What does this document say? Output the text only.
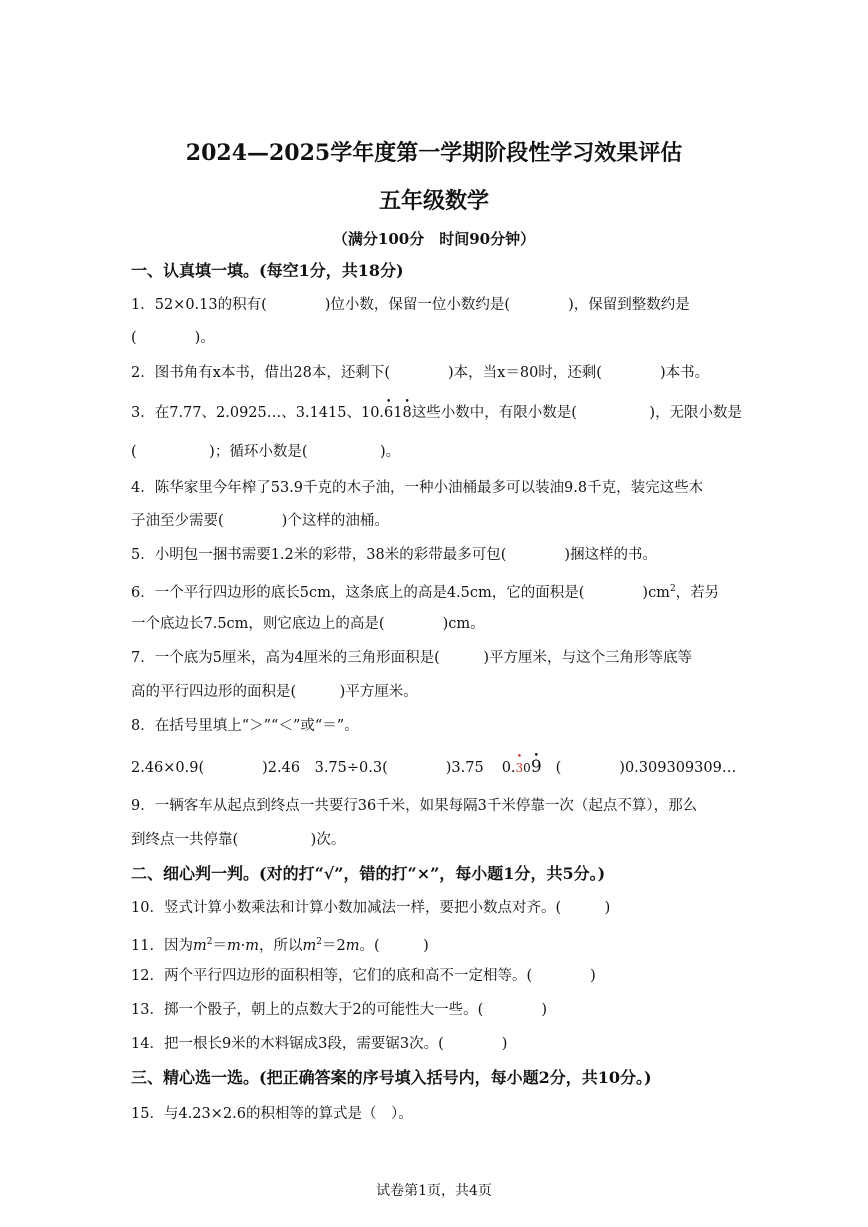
2024—2025学年度第一学期阶段性学习效果评估
五年级数学
（满分100分　时间90分钟）
一、认真填一填。(每空1分，共18分)
1．52×0.13的积有(　　　　)位小数，保留一位小数约是(　　　　)，保留到整数约是
(　　　　)。
2．图书角有x本书，借出28本，还剩下(　　　　)本，当x＝80时，还剩(　　　　)本书。
3．在7.77、2.0925…、3.1415、10.• 61• 8这些小数中，有限小数是(　　　　　)，无限小数是
(　　　　　)；循环小数是(　　　　　)。
4．陈华家里今年榨了53.9千克的木子油，一种小油桶最多可以装油9.8千克，装完这些木
子油至少需要(　　　　)个这样的油桶。
5．小明包一捆书需要1.2米的彩带，38米的彩带最多可包(　　　　)捆这样的书。
6．一个平行四边形的底长5cm，这条底上的高是4.5cm，它的面积是(　　　　)$cm^2$，若另
一个底边长7.5cm，则它底边上的高是(　　　　)cm。
7．一个底为5厘米，高为4厘米的三角形面积是(　　　)平方厘米，与这个三角形等底等
高的平行四边形的面积是(　　　)平方厘米。
8．在括号里填上“＞”“＜”或“＝”。
2.46×0.9(　　　　)2.46　3.75÷0.3(　　　　)3.75 0.• 30• 9 (　　　　)0.309309309…
9．一辆客车从起点到终点一共要行36千米，如果每隔3千米停靠一次（起点不算），那么
到终点一共停靠(　　　　　)次。
二、细心判一判。(对的打“√”，错的打“×”，每小题1分，共5分。)
10．竖式计算小数乘法和计算小数加减法一样，要把小数点对齐。(　　　)
11．因为$m^2=m\cdot m$，所以$m^2=2m$。(　　　)
12．两个平行四边形的面积相等，它们的底和高不一定相等。(　　　　)
13．掷一个骰子，朝上的点数大于2的可能性大一些。(　　　　)
14．把一根长9米的木料锯成3段，需要锯3次。(　　　　)
三、精心选一选。(把正确答案的序号填入括号内，每小题2分，共10分。)
15．与4.23×2.6的积相等的算式是（　）。
试卷第1页，共4页
